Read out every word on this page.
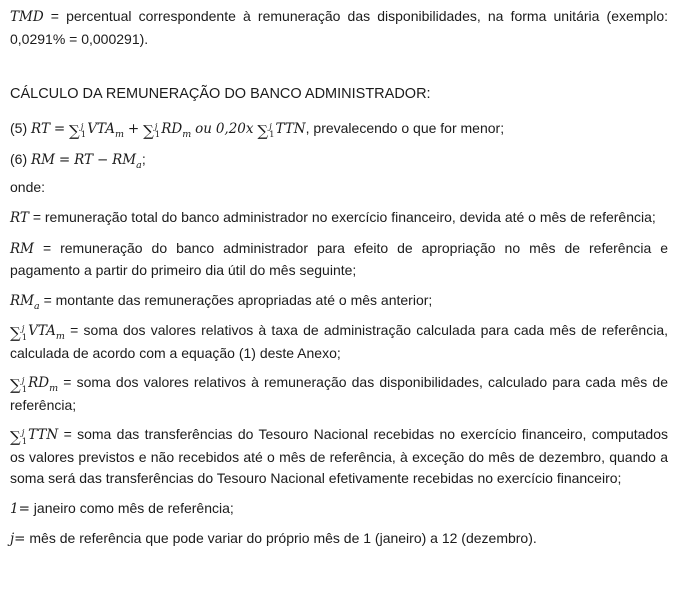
TMD = percentual correspondente à remuneração das disponibilidades, na forma unitária (exemplo: 0,0291% = 0,000291).

CÁLCULO DA REMUNERAÇÃO DO BANCO ADMINISTRADOR:

(5) RT = ∑ j
1 $VTA_m$ + ∑ j
1 $RD_m$ ou 0,20x ∑ j
1 TTN, prevalecendo o que for menor;

(6) RM = RT − $RM_a$;

onde:

RT = remuneração total do banco administrador no exercício financeiro, devida até o mês de referência;

RM = remuneração do banco administrador para efeito de apropriação no mês de referência e pagamento a partir do primeiro dia útil do mês seguinte;

$RM_a$ = montante das remunerações apropriadas até o mês anterior;

∑ j
1 $VTA_m$ = soma dos valores relativos à taxa de administração calculada para cada mês de referência, calculada de acordo com a equação (1) deste Anexo;

∑ j
1 $RD_m$ = soma dos valores relativos à remuneração das disponibilidades, calculado para cada mês de referência;

∑ j
1 TTN = soma das transferências do Tesouro Nacional recebidas no exercício financeiro, computados os valores previstos e não recebidos até o mês de referência, à exceção do mês de dezembro, quando a soma será das transferências do Tesouro Nacional efetivamente recebidas no exercício financeiro;

1= janeiro como mês de referência;

j= mês de referência que pode variar do próprio mês de 1 (janeiro) a 12 (dezembro).
